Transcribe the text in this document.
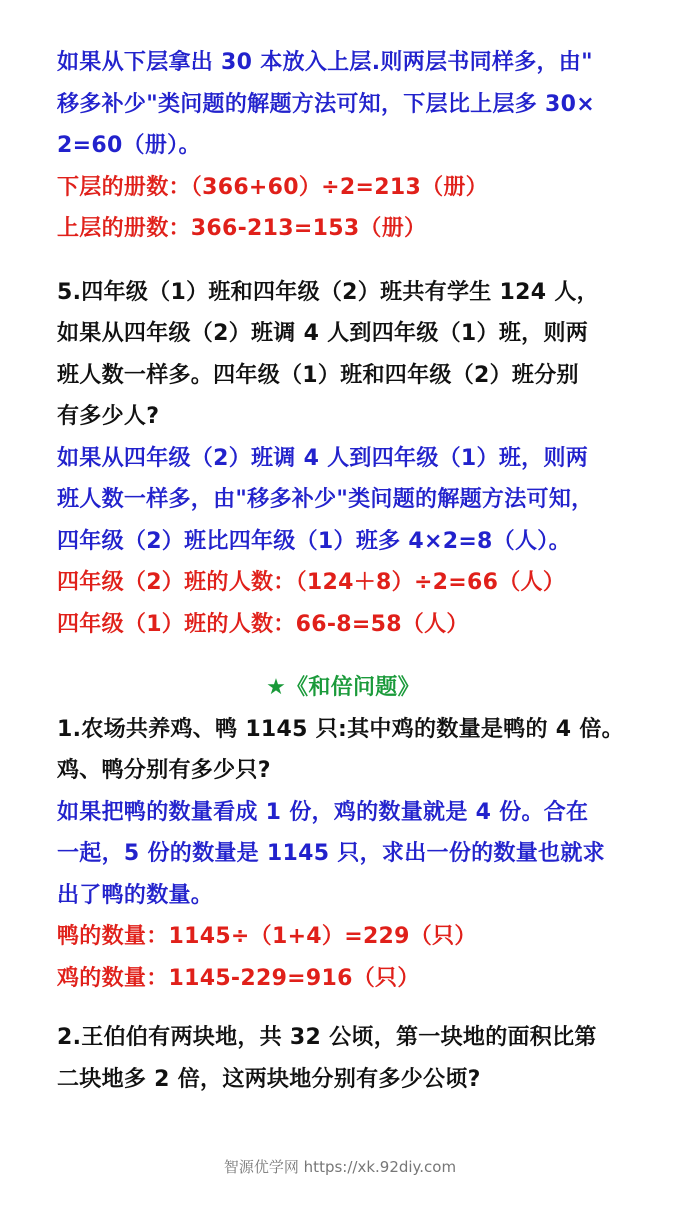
如果从下层拿出 30 本放入上层.则两层书同样多，由"
移多补少"类问题的解题方法可知，下层比上层多 30×
2=60（册）。
下层的册数：（366+60）÷2=213（册）
上层的册数：366-213=153（册）
5.四年级（1）班和四年级（2）班共有学生 124 人，
如果从四年级（2）班调 4 人到四年级（1）班，则两
班人数一样多。四年级（1）班和四年级（2）班分别
有多少人?
如果从四年级（2）班调 4 人到四年级（1）班，则两
班人数一样多，由"移多补少"类问题的解题方法可知，
四年级（2）班比四年级（1）班多 4×2=8（人）。
四年级（2）班的人数：（124＋8）÷2=66（人）
四年级（1）班的人数：66-8=58（人）
★《和倍问题》
1.农场共养鸡、鸭 1145 只:其中鸡的数量是鸭的 4 倍。
鸡、鸭分别有多少只?
如果把鸭的数量看成 1 份，鸡的数量就是 4 份。合在
一起，5 份的数量是 1145 只，求出一份的数量也就求
出了鸭的数量。
鸭的数量：1145÷（1+4）=229（只）
鸡的数量：1145-229=916（只）
2.王伯伯有两块地，共 32 公顷，第一块地的面积比第
二块地多 2 倍，这两块地分别有多少公顷?
智源优学网 https://xk.92diy.com
